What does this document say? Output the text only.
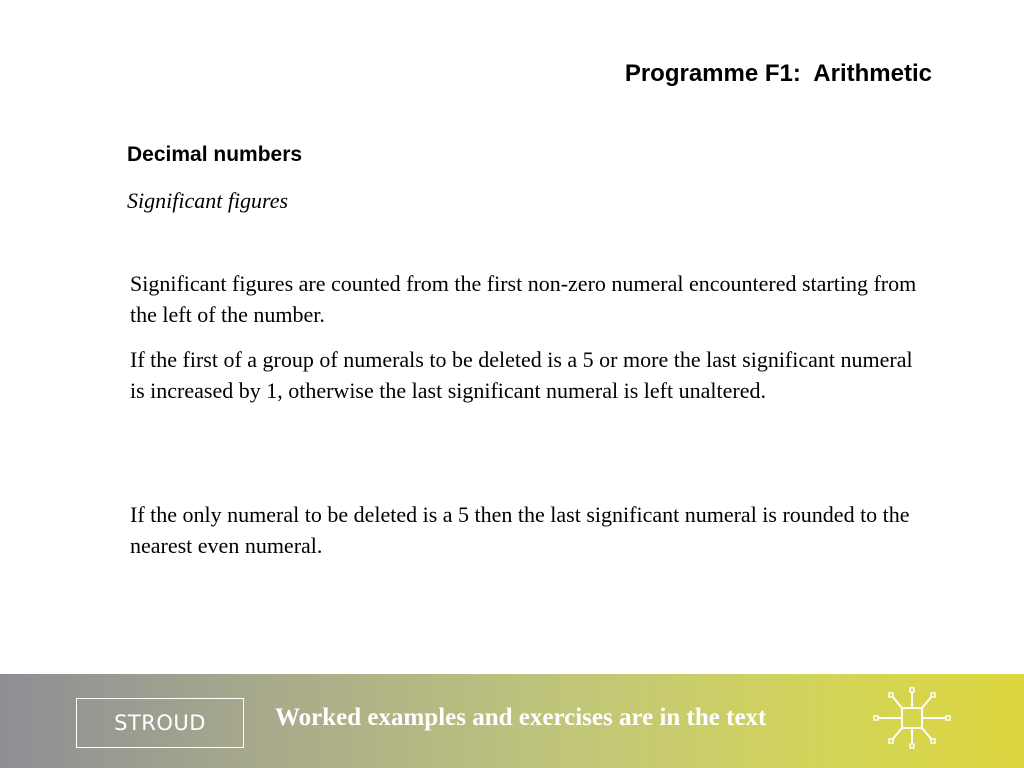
Programme F1:  Arithmetic
Decimal numbers
Significant figures

Significant figures are counted from the first non-zero numeral encountered starting from the left of the number.

If the first of a group of numerals to be deleted is a 5 or more the last significant numeral is increased by 1, otherwise the last significant numeral is left unaltered.

If the only numeral to be deleted is a 5 then the last significant numeral is rounded to the nearest even numeral.

STROUD	Worked examples and exercises are in the text
